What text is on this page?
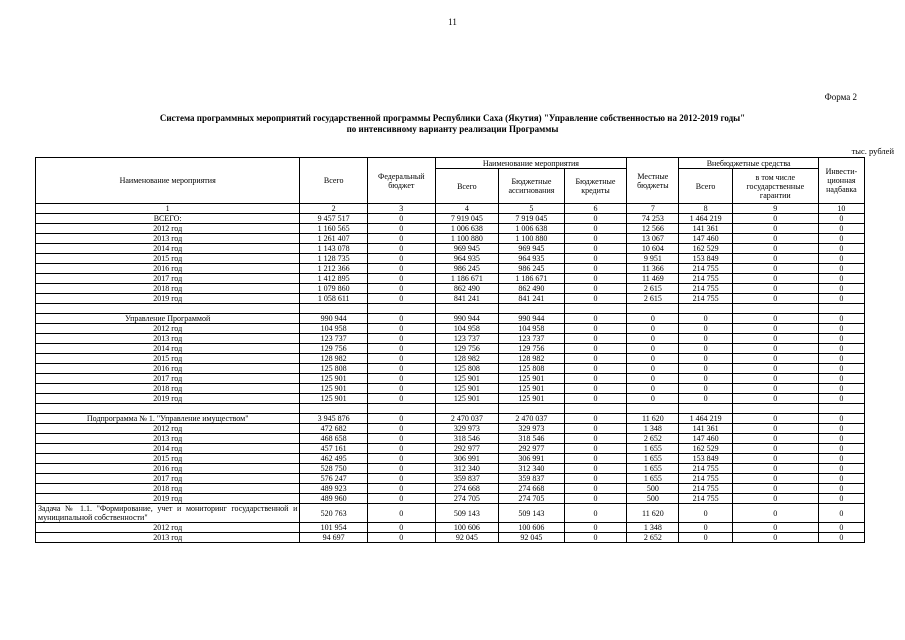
11
Форма 2
Система программных мероприятий государственной программы Республики Саха (Якутия) "Управление собственностью на 2012-2019 годы"
по интенсивному варианту реализации Программы
тыс. рублей
Наименование мероприятия	Всего	Федеральный бюджет	Наименование мероприятия			Местные бюджеты	Внебюджетные средства		Инвести-ционная надбавка
			Всего	Бюджетные ассигнования	Бюджетные кредиты		Всего	в том числе государственные гарантии	

1	2	3	4	5	6	7	8	9	10
ВСЕГО:	9 457 517	0	7 919 045	7 919 045	0	74 253	1 464 219	0	0
2012 год	1 160 565	0	1 006 638	1 006 638	0	12 566	141 361	0	0
2013 год	1 261 407	0	1 100 880	1 100 880	0	13 067	147 460	0	0
2014 год	1 143 078	0	969 945	969 945	0	10 604	162 529	0	0
2015 год	1 128 735	0	964 935	964 935	0	9 951	153 849	0	0
2016 год	1 212 366	0	986 245	986 245	0	11 366	214 755	0	0
2017 год	1 412 895	0	1 186 671	1 186 671	0	11 469	214 755	0	0
2018 год	1 079 860	0	862 490	862 490	0	2 615	214 755	0	0
2019 год	1 058 611	0	841 241	841 241	0	2 615	214 755	0	0

Управление Программой	990 944	0	990 944	990 944	0	0	0	0	0
2012 год	104 958	0	104 958	104 958	0	0	0	0	0
2013 год	123 737	0	123 737	123 737	0	0	0	0	0
2014 год	129 756	0	129 756	129 756	0	0	0	0	0
2015 год	128 982	0	128 982	128 982	0	0	0	0	0
2016 год	125 808	0	125 808	125 808	0	0	0	0	0
2017 год	125 901	0	125 901	125 901	0	0	0	0	0
2018 год	125 901	0	125 901	125 901	0	0	0	0	0
2019 год	125 901	0	125 901	125 901	0	0	0	0	0

Подпрограмма № 1. "Управление имуществом"	3 945 876	0	2 470 037	2 470 037	0	11 620	1 464 219	0	0
2012 год	472 682	0	329 973	329 973	0	1 348	141 361	0	0
2013 год	468 658	0	318 546	318 546	0	2 652	147 460	0	0
2014 год	457 161	0	292 977	292 977	0	1 655	162 529	0	0
2015 год	462 495	0	306 991	306 991	0	1 655	153 849	0	0
2016 год	528 750	0	312 340	312 340	0	1 655	214 755	0	0
2017 год	576 247	0	359 837	359 837	0	1 655	214 755	0	0
2018 год	489 923	0	274 668	274 668	0	500	214 755	0	0
2019 год	489 960	0	274 705	274 705	0	500	214 755	0	0
Задача № 1.1. "Формирование, учет и мониторинг государственной и муниципальной собственности"	520 763	0	509 143	509 143	0	11 620	0	0	0
2012 год	101 954	0	100 606	100 606	0	1 348	0	0	0
2013 год	94 697	0	92 045	92 045	0	2 652	0	0	0
